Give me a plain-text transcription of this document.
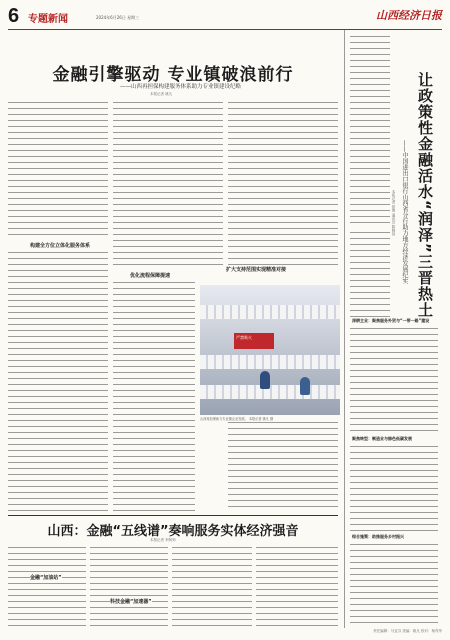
6 专题新闻	2024年6月26日 星期三	山西经济日报
金融引擎驱动 专业镇破浪前行
——山西再担保构建服务体系助力专业镇建设纪略
本报记者 姚凡
构建全方位立体化服务体系
优化流程保障提速
扩大支持范围实现精准对接
严禁吸火
山西再担保助力专业镇企业发展。 本报记者 姚凡 摄
山西：金融“五线谱”奏响服务实体经济强音
本报记者 李阿帅
金融“加油站”
科技金融“加速器”
让政策性金融活水“润泽”三晋热土
——中国进出口银行山西省分行助力地方经济发展纪实
本报记者 郭俊 通讯员 陈晓蓓
深耕主业：聚焦服务外贸与“一带一路”建设
聚焦转型：制造业与绿色低碳发展
综合施策：助推服务乡村振兴
责任编辑：马亚芬 美编：姚凡 校对：杨茂华
